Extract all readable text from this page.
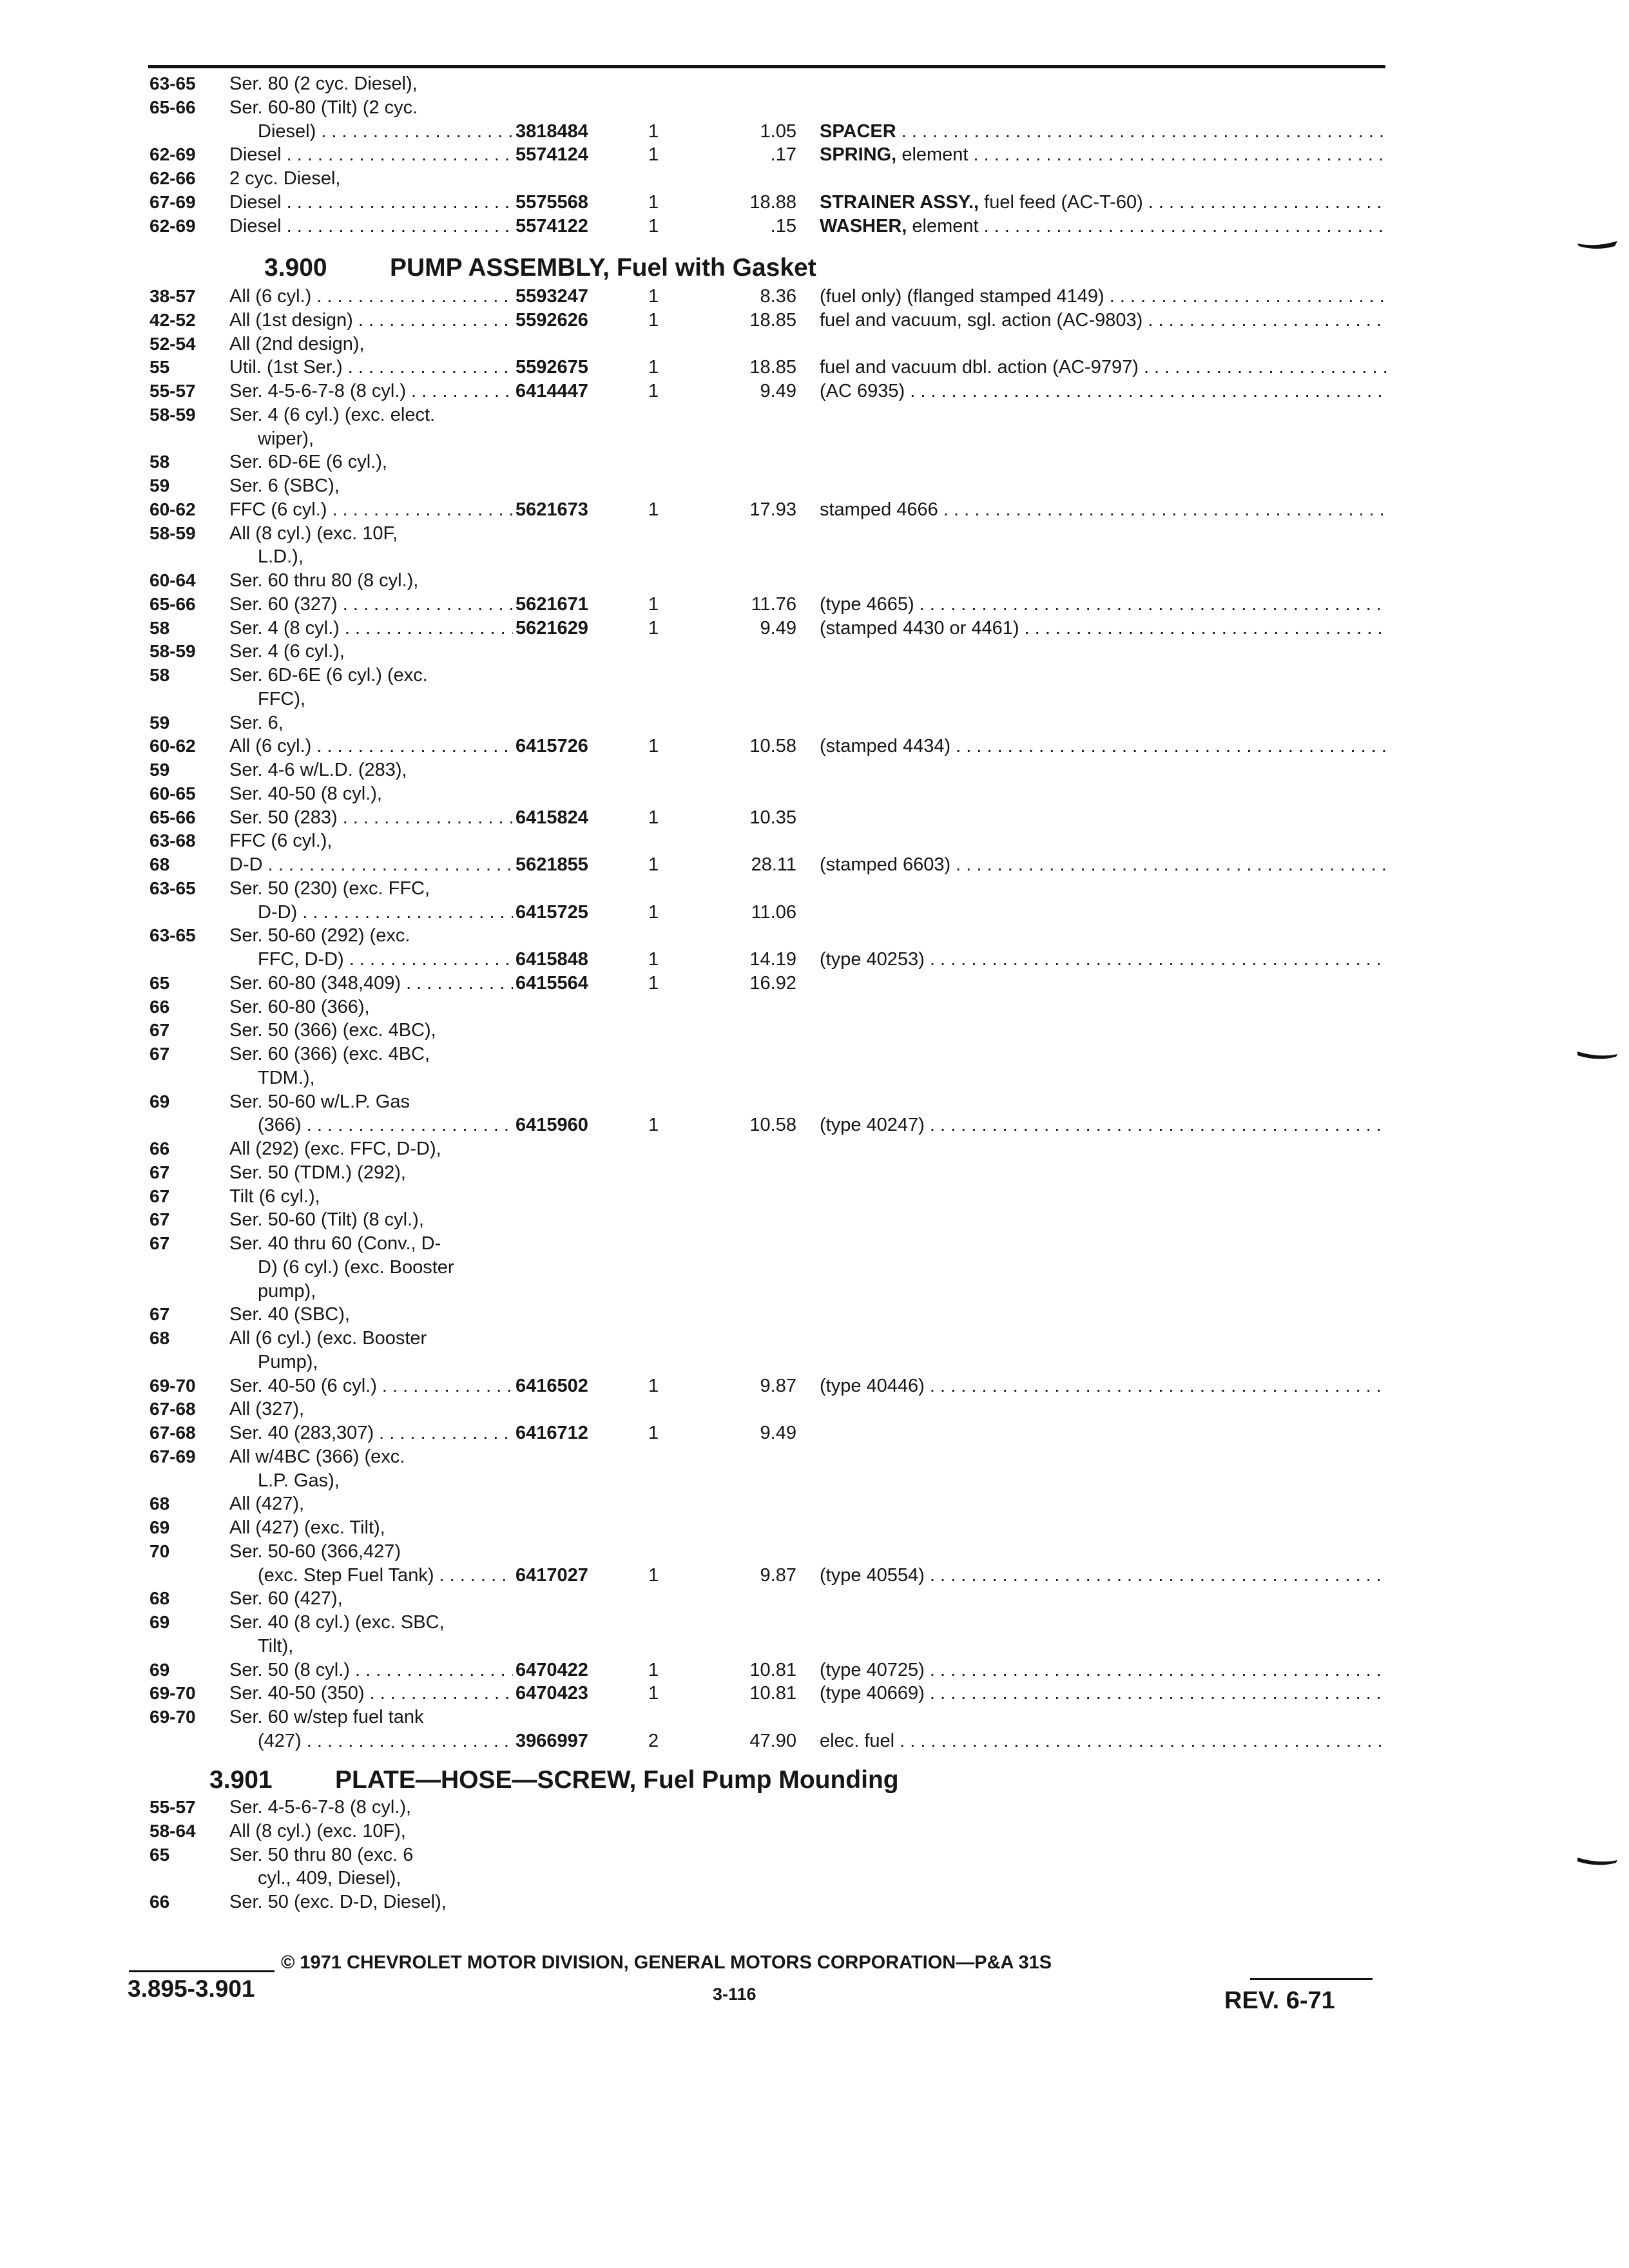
63-65 Ser. 80 (2 cyc. Diesel),
65-66 Ser. 60-80 (Tilt) (2 cyc.
Diesel) . . .	3818484	1	1.05 SPACER . . .
62-69 Diesel . . .	5574124	1	.17 SPRING, element . . .
62-66 2 cyc. Diesel,
67-69 Diesel . . .	5575568	1	18.88 STRAINER ASSY., fuel feed (AC-T-60) . . .
62-69 Diesel . . .	5574122	1	.15 WASHER, element . . .
3.900 PUMP ASSEMBLY, Fuel with Gasket
38-57 All (6 cyl.) . . .	5593247	1	8.36 (fuel only) (flanged stamped 4149) . . .
42-52 All (1st design) . . .	5592626	1	18.85 fuel and vacuum, sgl. action (AC-9803) . . .
52-54 All (2nd design),
55	Util. (1st Ser.) . . .	5592675	1	18.85 fuel and vacuum dbl. action (AC-9797) . . .
55-57 Ser. 4-5-6-7-8 (8 cyl.) . . .	6414447	1	9.49 (AC 6935) . . .
58-59 Ser. 4 (6 cyl.) (exc. elect.
wiper),
58	Ser. 6D-6E (6 cyl.),
59	Ser. 6 (SBC),
60-62 FFC (6 cyl.) . . .	5621673	1	17.93 stamped 4666 . . .
58-59 All (8 cyl.) (exc. 10F,
L.D.),
60-64 Ser. 60 thru 80 (8 cyl.),
65-66 Ser. 60 (327) . . .	5621671	1	11.76 (type 4665) . . .
58	Ser. 4 (8 cyl.) . . .	5621629	1	9.49 (stamped 4430 or 4461) . . .
58-59 Ser. 4 (6 cyl.),
58	Ser. 6D-6E (6 cyl.) (exc.
FFC),
59	Ser. 6,
60-62 All (6 cyl.) . . .	6415726	1	10.58 (stamped 4434) . . .
59	Ser. 4-6 w/L.D. (283),
60-65 Ser. 40-50 (8 cyl.),
65-66 Ser. 50 (283) . . .	6415824	1	10.35
63-68 FFC (6 cyl.),
68	D-D . . .	5621855	1	28.11 (stamped 6603) . . .
63-65 Ser. 50 (230) (exc. FFC,
D-D) . . .	6415725	1	11.06
63-65 Ser. 50-60 (292) (exc.
FFC, D-D) . . .	6415848	1	14.19 (type 40253) . . .
65	Ser. 60-80 (348,409) . . .	6415564	1	16.92
66	Ser. 60-80 (366),
67	Ser. 50 (366) (exc. 4BC),
67	Ser. 60 (366) (exc. 4BC,
TDM.),
69	Ser. 50-60 w/L.P. Gas
(366) . . .	6415960	1	10.58 (type 40247) . . .
66	All (292) (exc. FFC, D-D),
67	Ser. 50 (TDM.) (292),
67	Tilt (6 cyl.),
67	Ser. 50-60 (Tilt) (8 cyl.),
67	Ser. 40 thru 60 (Conv., D-
D) (6 cyl.) (exc. Booster
pump),
67	Ser. 40 (SBC),
68	All (6 cyl.) (exc. Booster
Pump),
69-70 Ser. 40-50 (6 cyl.) . . .	6416502	1	9.87 (type 40446) . . .
67-68 All (327),
67-68 Ser. 40 (283,307) . . .	6416712	1	9.49
67-69 All w/4BC (366) (exc.
L.P. Gas),
68	All (427),
69	All (427) (exc. Tilt),
70	Ser. 50-60 (366,427)
(exc. Step Fuel Tank) . . .	6417027	1	9.87 (type 40554) . . .
68	Ser. 60 (427),
69	Ser. 40 (8 cyl.) (exc. SBC,
Tilt),
69	Ser. 50 (8 cyl.) . . .	6470422	1	10.81 (type 40725) . . .
69-70 Ser. 40-50 (350) . . .	6470423	1	10.81 (type 40669) . . .
69-70 Ser. 60 w/step fuel tank
(427) . . .	3966997	2	47.90 elec. fuel . . .
3.901 PLATE—HOSE—SCREW, Fuel Pump Mounding
55-57 Ser. 4-5-6-7-8 (8 cyl.),
58-64 All (8 cyl.) (exc. 10F),
65	Ser. 50 thru 80 (exc. 6
cyl., 409, Diesel),
66	Ser. 50 (exc. D-D, Diesel),
© 1971 CHEVROLET MOTOR DIVISION, GENERAL MOTORS CORPORATION—P&A 31S
3.895-3.901	3-116	REV. 6-71
